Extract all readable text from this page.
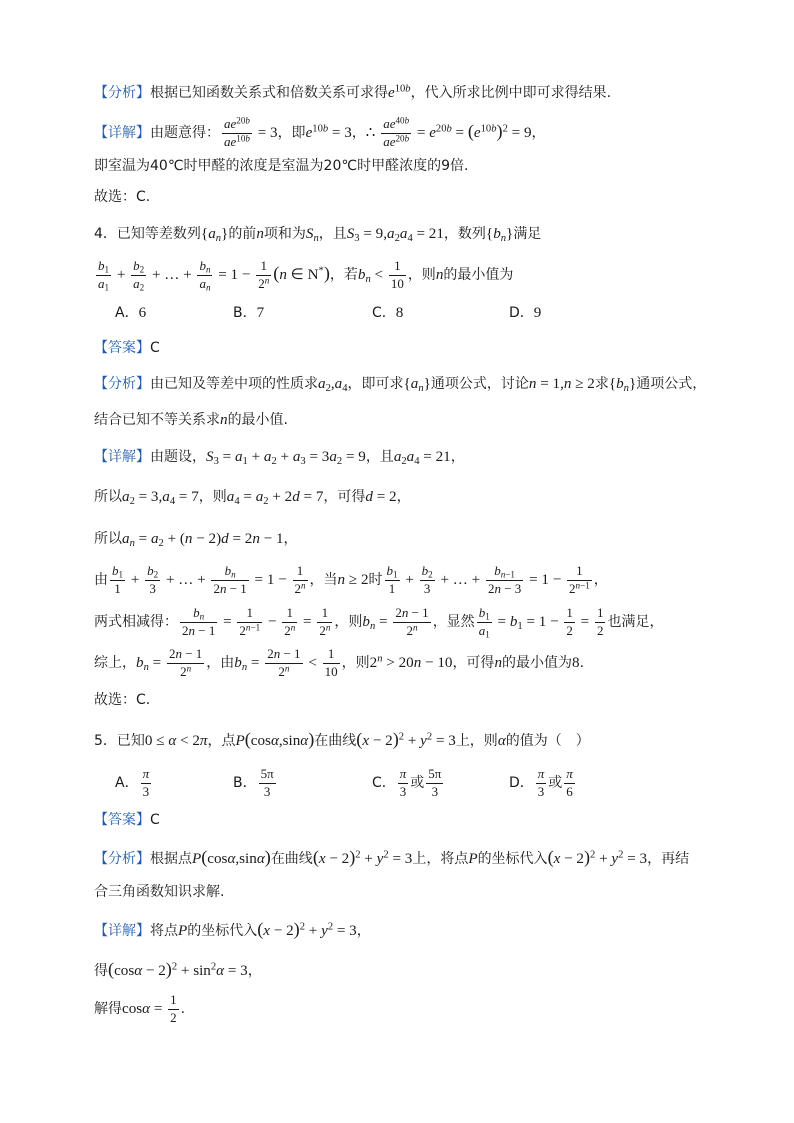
【分析】根据已知函数关系式和倍数关系可求得$e^{10b}$，代入所求比例中即可求得结果.
【详解】由题意得： $\frac{ae^{20b}}{ae^{10b}} = 3$，即$e^{10b} = 3$，∴ $\frac{ae^{40b}}{ae^{20b}} = e^{20b} = (e^{10b})^2 = 9$，
即室温为40℃时甲醛的浓度是室温为20℃时甲醛浓度的9倍.
故选：C.
4．已知等差数列$\{a_n\}$的前n项和为$S_n$，且$S_3 = 9,a_2a_4 = 21$，数列$\{b_n\}$满足
$\frac{b_1}{a_1} + \frac{b_2}{a_2}$ + … + $\frac{b_n}{a_n} = 1 - \frac{1}{2^n} (n$ ∈ N*)，若$b_n < \frac{1}{10}$ ，则n的最小值为
A．6	B．7	C．8	D．9
【答案】C
【分析】由已知及等差中项的性质求$a_2,a_4$，即可求$\{a_n\}$通项公式，讨论n = 1,n ≥ 2求$\{b_n\}$通项公式，
结合已知不等关系求n的最小值.
【详解】由题设，$S_3 = a_1 + a_2 + a_3 = 3a_2 = 9$，且$a_2a_4 = 21$，
所以$a_2 = 3,a_4 = 7$，则$a_4 = a_2 + 2d = 7$，可得d = 2，
所以$a_n = a_2 + (n - 2)d = 2n - 1$，
由 $\frac{b_1}{1} + \frac{b_2}{3}$ + … + $\frac{b_n}{2n - 1} = 1 - \frac{1}{2^n}$ ，当n ≥ 2时 $\frac{b_1}{1} + \frac{b_2}{3}$ + … + $\frac{b_{n-1}}{2n - 3} = 1 - \frac{1}{2^{n-1}}$ ，
两式相减得： $\frac{b_n}{2n - 1} = \frac{1}{2^{n-1}} - \frac{1}{2^n} = \frac{1}{2^n}$ ，则$b_n = \frac{2n - 1}{2^n}$ ，显然 $\frac{b_1}{a_1} = b_1 = 1 - \frac{1}{2} = \frac{1}{2}$ 也满足，
综上，$b_n = \frac{2n - 1}{2^n}$ ，由$b_n = \frac{2n - 1}{2^n} < \frac{1}{10}$ ，则$2^n > 20n - 10$，可得n的最小值为8.
故选：C.
5．已知0 ≤ α < 2π，点P(cosα,sinα)在曲线$(x - 2)^2 + y^2 = 3$上，则α的值为（　）
A． $\frac{\pi}{3}$	B． $\frac{5\pi}{3}$	C． $\frac{\pi}{3}$ 或 $\frac{5\pi}{3}$	D． $\frac{\pi}{3}$ 或 $\frac{\pi}{6}$
【答案】C
【分析】根据点P(cosα,sinα)在曲线$(x - 2)^2 + y^2 = 3$上，将点P的坐标代入$(x - 2)^2 + y^2 = 3$，再结
合三角函数知识求解.
【详解】将点P的坐标代入$(x - 2)^2 + y^2 = 3$，
得$(\cos\alpha - 2)^2 + \sin^2\alpha = 3$，
解得$\cos\alpha = \frac{1}{2}$ .
